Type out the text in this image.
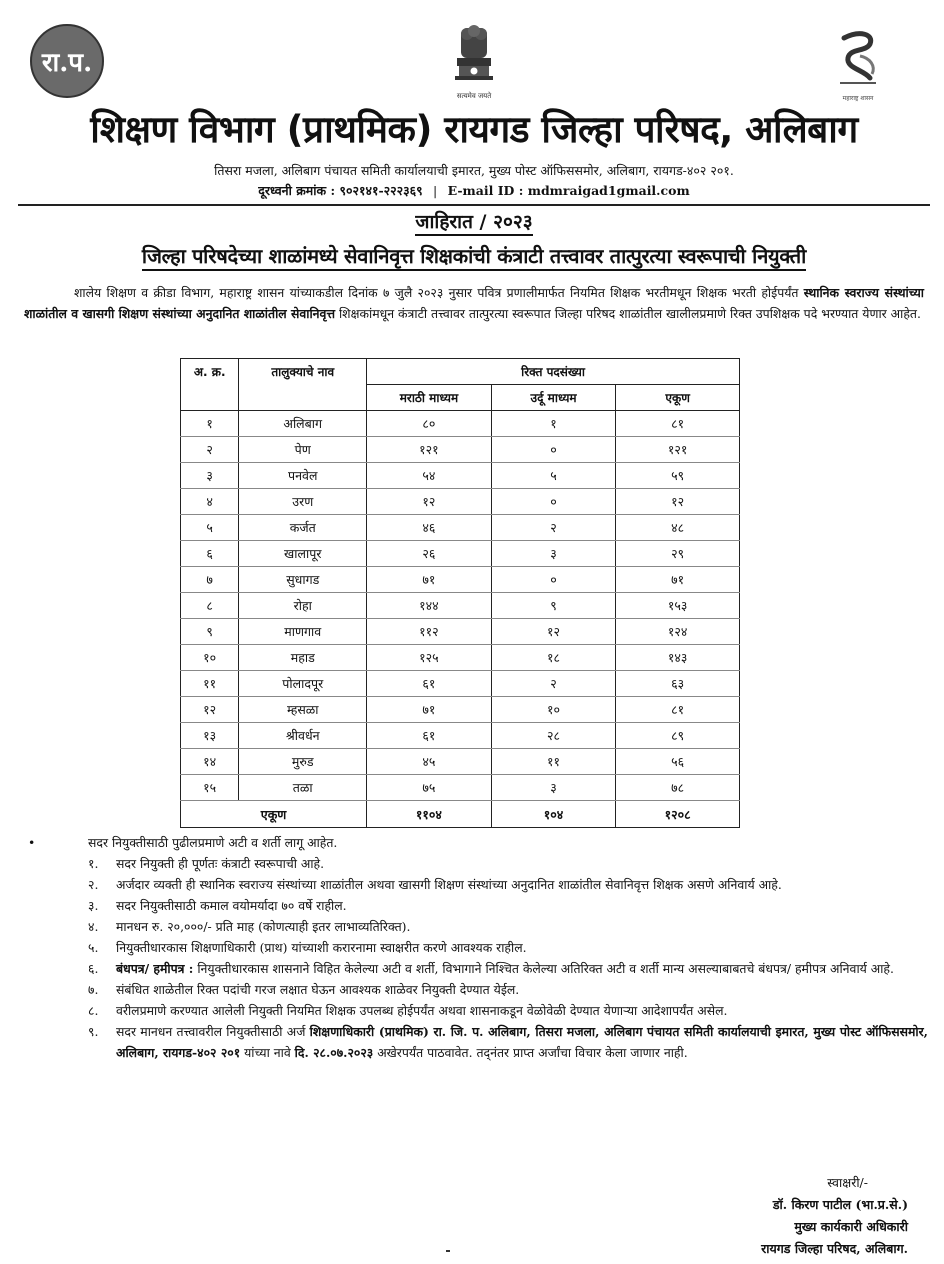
रा.प.
सत्यमेव जयते	महाराष्ट्र शासन
शिक्षण विभाग (प्राथमिक) रायगड जिल्हा परिषद, अलिबाग
तिसरा मजला, अलिबाग पंचायत समिती कार्यालयाची इमारत, मुख्य पोस्ट ऑफिससमोर, अलिबाग, रायगड-४०२ २०१.
दूरध्वनी क्रमांक : ९०२१४१-२२२३६९ | E-mail ID : mdmraigad1gmail.com
जाहिरात / २०२३
जिल्हा परिषदेच्या शाळांमध्ये सेवानिवृत्त शिक्षकांची कंत्राटी तत्त्वावर तात्पुरत्या स्वरूपाची नियुक्ती
शालेय शिक्षण व क्रीडा विभाग, महाराष्ट्र शासन यांच्याकडील दिनांक ७ जुलै २०२३ नुसार पवित्र प्रणालीमार्फत नियमित शिक्षक भरतीमधून शिक्षक भरती होईपर्यंत स्थानिक स्वराज्य संस्थांच्या शाळांतील व खासगी शिक्षण संस्थांच्या अनुदानित शाळांतील सेवानिवृत्त शिक्षकांमधून कंत्राटी तत्त्वावर तात्पुरत्या स्वरूपात जिल्हा परिषद शाळांतील खालीलप्रमाणे रिक्त उपशिक्षक पदे भरण्यात येणार आहेत.
अ. क्र.	तालुक्याचे नाव	रिक्त पदसंख्या		
		मराठी माध्यम	उर्दू माध्यम	एकूण
१	अलिबाग	८०	१	८१
२	पेण	१२१	०	१२१
३	पनवेल	५४	५	५९
४	उरण	१२	०	१२
५	कर्जत	४६	२	४८
६	खालापूर	२६	३	२९
७	सुधागड	७१	०	७१
८	रोहा	१४४	९	१५३
९	माणगाव	११२	१२	१२४
१०	महाड	१२५	१८	१४३
११	पोलादपूर	६१	२	६३
१२	म्हसळा	७१	१०	८१
१३	श्रीवर्धन	६१	२८	८९
१४	मुरुड	४५	११	५६
१५	तळा	७५	३	७८
एकूण		११०४	१०४	१२०८
•	सदर नियुक्तीसाठी पुढीलप्रमाणे अटी व शर्ती लागू आहेत.
१. सदर नियुक्ती ही पूर्णतः कंत्राटी स्वरूपाची आहे.
२. अर्जदार व्यक्ती ही स्थानिक स्वराज्य संस्थांच्या शाळांतील अथवा खासगी शिक्षण संस्थांच्या अनुदानित शाळांतील सेवानिवृत्त शिक्षक असणे अनिवार्य आहे.
३. सदर नियुक्तीसाठी कमाल वयोमर्यादा ७० वर्षे राहील.
४. मानधन रु. २०,०००/- प्रति माह (कोणत्याही इतर लाभाव्यतिरिक्त).
५. नियुक्तीधारकास शिक्षणाधिकारी (प्राथ) यांच्याशी करारनामा स्वाक्षरीत करणे आवश्यक राहील.
६. बंधपत्र/ हमीपत्र : नियुक्तीधारकास शासनाने विहित केलेल्या अटी व शर्ती, विभागाने निश्चित केलेल्या अतिरिक्त अटी व शर्ती मान्य असल्याबाबतचे बंधपत्र/ हमीपत्र अनिवार्य आहे.
७. संबंधित शाळेतील रिक्त पदांची गरज लक्षात घेऊन आवश्यक शाळेवर नियुक्ती देण्यात येईल.
८. वरीलप्रमाणे करण्यात आलेली नियुक्ती नियमित शिक्षक उपलब्ध होईपर्यंत अथवा शासनाकडून वेळोवेळी देण्यात येणाऱ्या आदेशापर्यंत असेल.
९. सदर मानधन तत्त्वावरील नियुक्तीसाठी अर्ज शिक्षणाधिकारी (प्राथमिक) रा. जि. प. अलिबाग, तिसरा मजला, अलिबाग पंचायत समिती कार्यालयाची इमारत, मुख्य पोस्ट ऑफिससमोर, अलिबाग, रायगड-४०२ २०१ यांच्या नावे दि. २८.०७.२०२३ अखेरपर्यंत पाठवावेत. तद्नंतर प्राप्त अर्जांचा विचार केला जाणार नाही.
स्वाक्षरी/-
डॉ. किरण पाटील (भा.प्र.से.)
मुख्य कार्यकारी अधिकारी
रायगड जिल्हा परिषद, अलिबाग.
